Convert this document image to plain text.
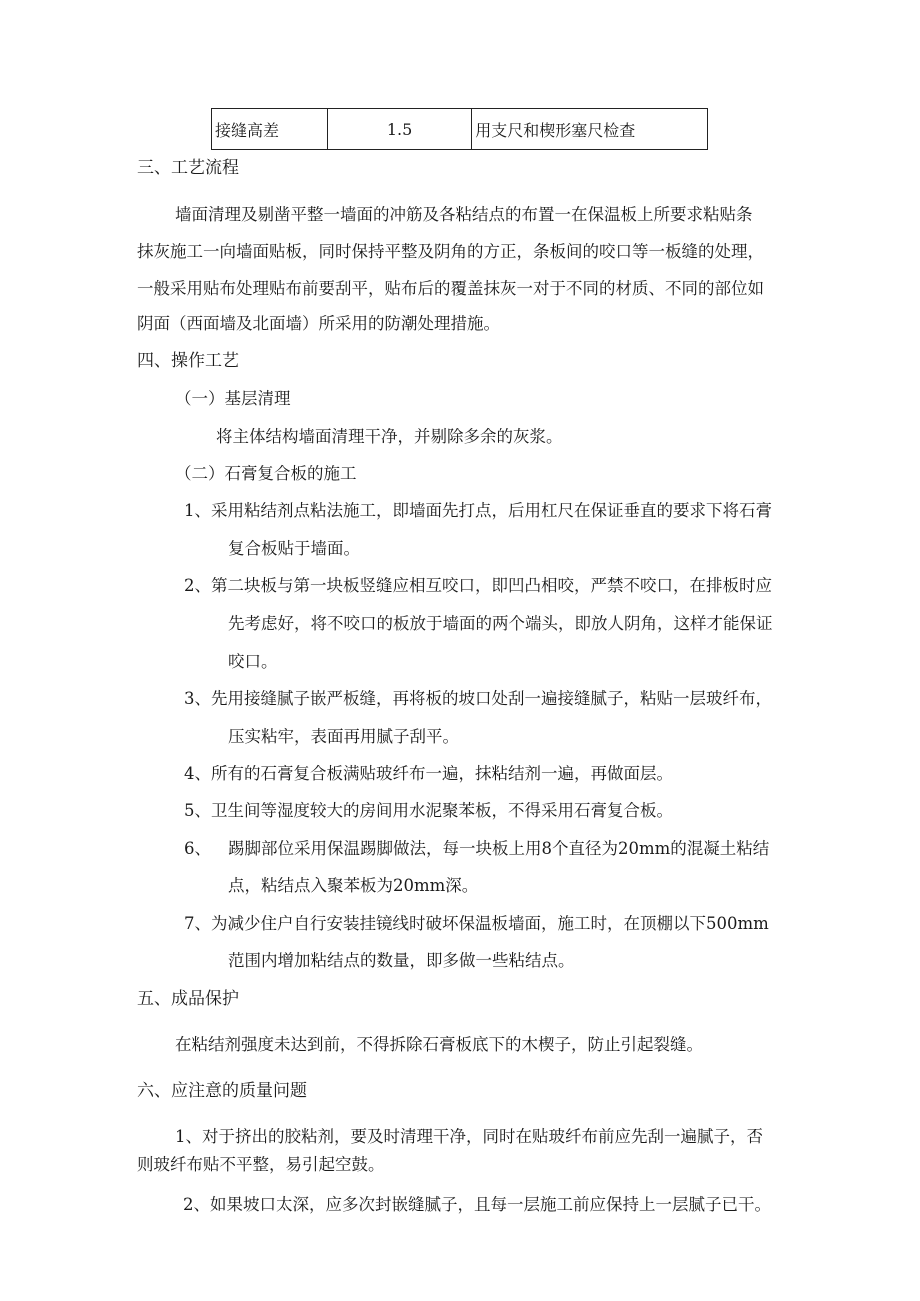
接缝高差	1.5	用支尺和楔形塞尺检查
三、工艺流程
墙面清理及剔凿平整一墙面的冲筋及各粘结点的布置一在保温板上所要求粘贴条
抹灰施工一向墙面贴板，同时保持平整及阴角的方正，条板间的咬口等一板缝的处理，
一般采用贴布处理贴布前要刮平，贴布后的覆盖抹灰一对于不同的材质、不同的部位如
阴面（西面墙及北面墙）所采用的防潮处理措施。
四、操作工艺
（一）基层清理
将主体结构墙面清理干净，并剔除多余的灰浆。
（二）石膏复合板的施工
1、采用粘结剂点粘法施工，即墙面先打点，后用杠尺在保证垂直的要求下将石膏
复合板贴于墙面。
2、第二块板与第一块板竖缝应相互咬口，即凹凸相咬，严禁不咬口，在排板时应
先考虑好，将不咬口的板放于墙面的两个端头，即放人阴角，这样才能保证
咬口。
3、先用接缝腻子嵌严板缝，再将板的坡口处刮一遍接缝腻子，粘贴一层玻纤布，
压实粘牢，表面再用腻子刮平。
4、所有的石膏复合板满贴玻纤布一遍，抹粘结剂一遍，再做面层。
5、卫生间等湿度较大的房间用水泥聚苯板，不得采用石膏复合板。
6、 踢脚部位采用保温踢脚做法，每一块板上用8个直径为20mm的混凝土粘结
点，粘结点入聚苯板为20mm深。
7、为减少住户自行安装挂镜线时破坏保温板墙面，施工时，在顶棚以下500mm
范围内增加粘结点的数量，即多做一些粘结点。
五、成品保护
在粘结剂强度未达到前，不得拆除石膏板底下的木楔子，防止引起裂缝。
六、应注意的质量问题
1、对于挤出的胶粘剂，要及时清理干净，同时在贴玻纤布前应先刮一遍腻子，否
则玻纤布贴不平整，易引起空鼓。
2、如果坡口太深，应多次封嵌缝腻子，且每一层施工前应保持上一层腻子已干。
